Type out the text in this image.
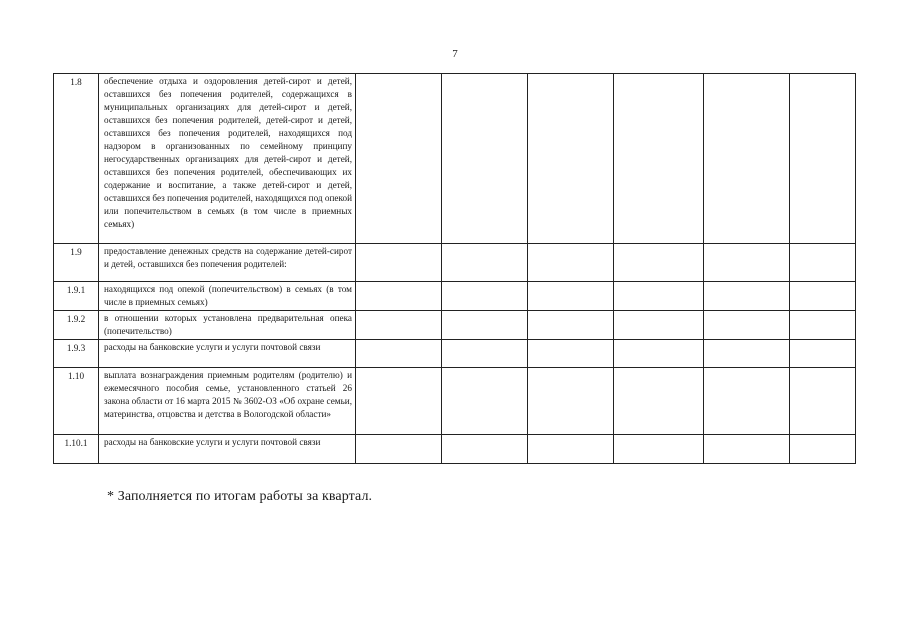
7
1.8	обеспечение отдыха и оздоровления детей-сирот и детей, оставшихся без попечения родителей, содержащихся в муниципальных организациях для детей-сирот и детей, оставшихся без попечения родителей, детей-сирот и детей, оставшихся без попечения родителей, находящихся под надзором в организованных по семейному принципу негосударственных организациях для детей-сирот и детей, оставшихся без попечения родителей, обеспечивающих их содержание и воспитание, а также детей-сирот и детей, оставшихся без попечения родителей, находящихся под опекой или попечительством в семьях (в том числе в приемных семьях)						
1.9	предоставление денежных средств на содержание детей-сирот и детей, оставшихся без попечения родителей:						
1.9.1	находящихся под опекой (попечительством) в семьях (в том числе в приемных семьях)						
1.9.2	в отношении которых установлена предварительная опека (попечительство)						
1.9.3	расходы на банковские услуги и услуги почтовой связи						
1.10	выплата вознаграждения приемным родителям (родителю) и ежемесячного пособия семье, установленного статьей 26 закона области от 16 марта 2015 № 3602-ОЗ «Об охране семьи, материнства, отцовства и детства в Вологодской области»						
1.10.1	расходы на банковские услуги и услуги почтовой связи						
* Заполняется по итогам работы за квартал.
